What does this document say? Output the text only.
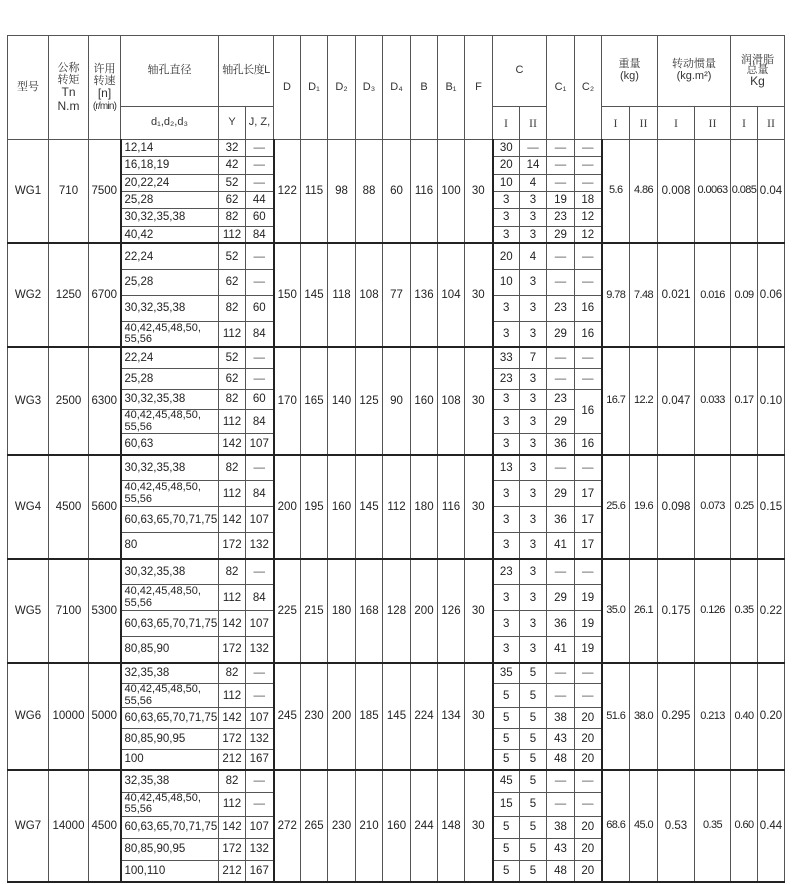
型号	公称
转矩
Tn
N.m	许用
转速
[n]
(r/min)	轴孔直径	轴孔长度L		D	D₁	D₂	D₃	D₄	B	B₁	F	C		C₁	C₂	重量
(kg)		转动惯量
(kg.m²)		润滑脂
总量
Kg	
			d₁,d₂,d₃	Y	J, Z,									I	II			I	II	I	II	I	II
WG1	710	7500	12,14	32	—	122	115	98	88	60	116	100	30	30	—	—	—	5.6	4.86	0.008	0.0063	0.085	0.04
			16,18,19	42	—									20	14	—	—						
			20,22,24	52	—									10	4	—	—						
			25,28	62	44									3	3	19	18						
			30,32,35,38	82	60									3	3	23	12						
			40,42	112	84									3	3	29	12						
WG2	1250	6700	22,24	52	—	150	145	118	108	77	136	104	30	20	4	—	—	9.78	7.48	0.021	0.016	0.09	0.06
			25,28	62	—									10	3	—	—						
			30,32,35,38	82	60									3	3	23	16						
			40,42,45,48,50,
55,56	112	84									3	3	29	16						
WG3	2500	6300	22,24	52	—	170	165	140	125	90	160	108	30	33	7	—	—	16.7	12.2	0.047	0.033	0.17	0.10
			25,28	62	—									23	3	—	—						
			30,32,35,38	82	60									3	3	23	16						
			40,42,45,48,50,
55,56	112	84									3	3	29							
			60,63	142	107									3	3	36	16						
WG4	4500	5600	30,32,35,38	82	—	200	195	160	145	112	180	116	30	13	3	—	—	25.6	19.6	0.098	0.073	0.25	0.15
			40,42,45,48,50,
55,56	112	84									3	3	29	17						
			60,63,65,70,71,75	142	107									3	3	36	17						
			80	172	132									3	3	41	17						
WG5	7100	5300	30,32,35,38	82	—	225	215	180	168	128	200	126	30	23	3	—	—	35.0	26.1	0.175	0.126	0.35	0.22
			40,42,45,48,50,
55,56	112	84									3	3	29	19						
			60,63,65,70,71,75	142	107									3	3	36	19						
			80,85,90	172	132									3	3	41	19						
WG6	10000	5000	32,35,38	82	—	245	230	200	185	145	224	134	30	35	5	—	—	51.6	38.0	0.295	0.213	0.40	0.20
			40,42,45,48,50,
55,56	112	—									5	5	—	—						
			60,63,65,70,71,75	142	107									5	5	38	20						
			80,85,90,95	172	132									5	5	43	20						
			100	212	167									5	5	48	20						
WG7	14000	4500	32,35,38	82	—	272	265	230	210	160	244	148	30	45	5	—	—	68.6	45.0	0.53	0.35	0.60	0.44
			40,42,45,48,50,
55,56	112	—									15	5	—	—						
			60,63,65,70,71,75	142	107									5	5	38	20						
			80,85,90,95	172	132									5	5	43	20						
			100,110	212	167									5	5	48	20						
